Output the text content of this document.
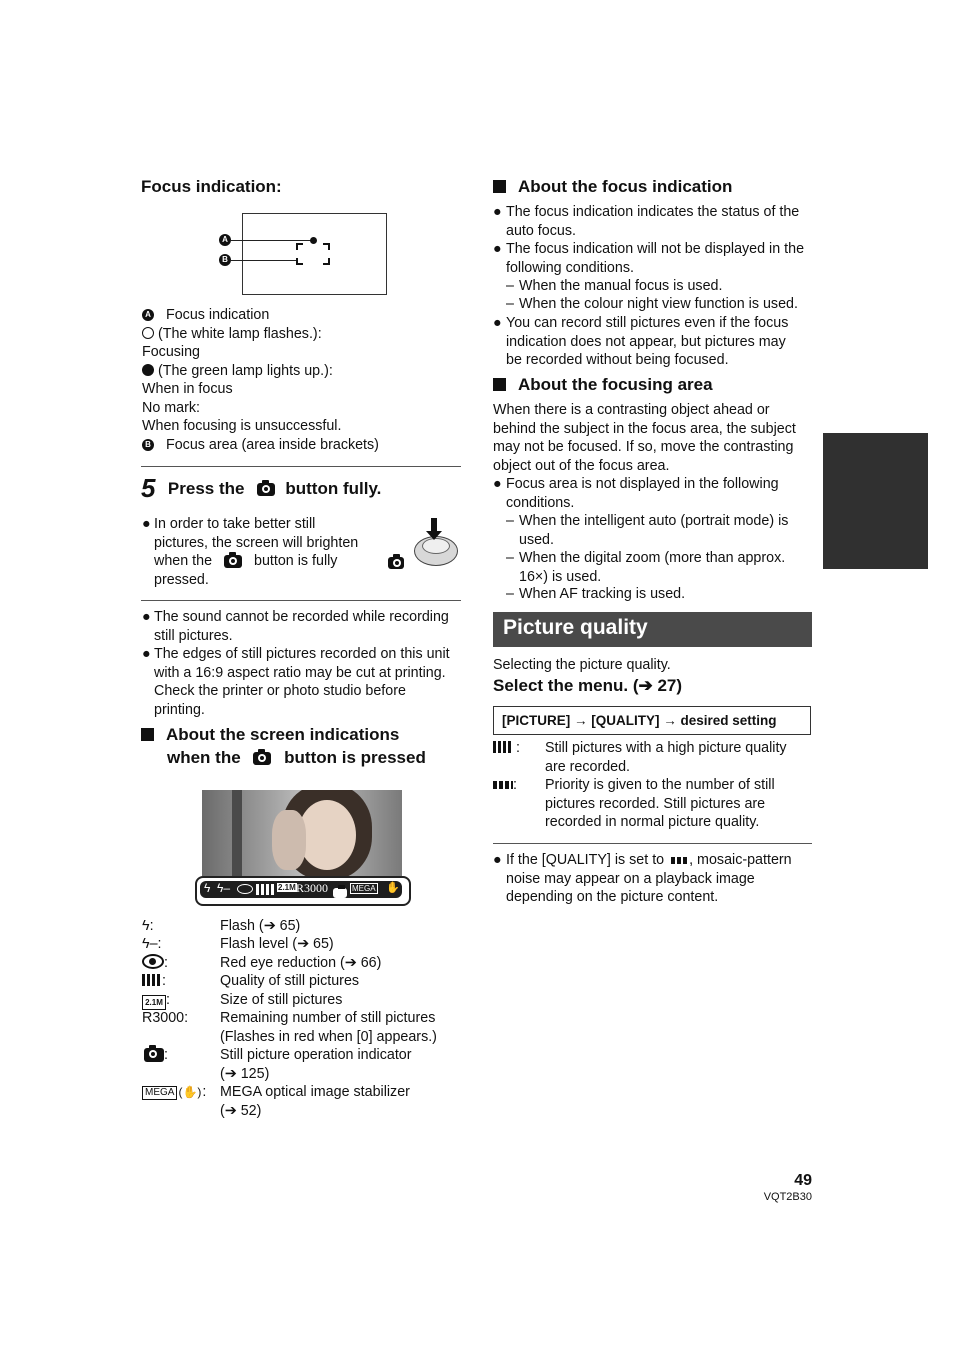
Focus indication:
A
B
A Focus indication
(The white lamp flashes.):
Focusing
(The green lamp lights up.):
When in focus
No mark:
When focusing is unsuccessful.
B Focus area (area inside brackets)
5 Press the button fully.
● In order to take better still
pictures, the screen will brighten
when the	button is fully
pressed.
● The sound cannot be recorded while recording
still pictures.
● The edges of still pictures recorded on this unit
with a 16:9 aspect ratio may be cut at printing.
Check the printer or photo studio before
printing.
About the screen indications
when the	button is pressed
ϟ ϟ–	2.1M R3000	MEGA ✋
ϟ:	Flash (➔ 65)
ϟ–:	Flash level (➔ 65)
:	Red eye reduction (➔ 66)
:	Quality of still pictures
2.1M :	Size of still pictures
R3000: Remaining number of still pictures
(Flashes in red when [0] appears.)
:	Still picture operation indicator
(➔ 125)
MEGA (✋): MEGA optical image stabilizer
(➔ 52)
About the focus indication
● The focus indication indicates the status of the
auto focus.
● The focus indication will not be displayed in the
following conditions.
– When the manual focus is used.
– When the colour night view function is used.
● You can record still pictures even if the focus
indication does not appear, but pictures may
be recorded without being focused.
About the focusing area
When there is a contrasting object ahead or
behind the subject in the focus area, the subject
may not be focused. If so, move the contrasting
object out of the focus area.
● Focus area is not displayed in the following
conditions.
– When the intelligent auto (portrait mode) is
used.
– When the digital zoom (more than approx.
16×) is used.
– When AF tracking is used.
Picture quality
Selecting the picture quality.
Select the menu. (➔ 27)
[PICTURE] → [QUALITY] → desired setting
: Still pictures with a high picture quality
are recorded.
: Priority is given to the number of still
pictures recorded. Still pictures are
recorded in normal picture quality.
● If the [QUALITY] is set to , mosaic-pattern
noise may appear on a playback image
depending on the picture content.
49
VQT2B30
